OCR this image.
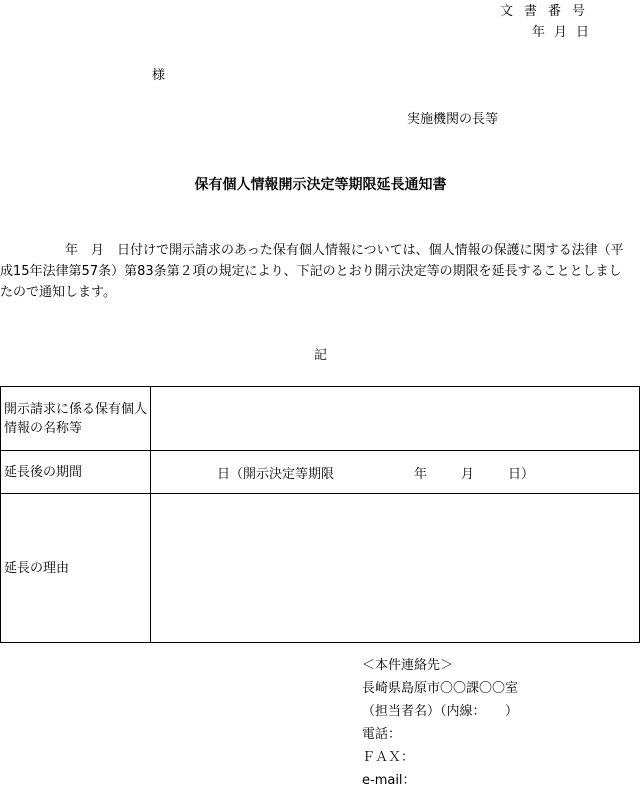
文書番号
年 月 日
様
実施機関の長等
保有個人情報開示決定等期限延長通知書
　　　　　年　月　日付けで開示請求のあった保有個人情報については、個人情報の保護に関する法律（平成15年法律第57条）第83条第２項の規定により、下記のとおり開示決定等の期限を延長することとしましたので通知します。
記
開示請求に係る保有個人情報の名称等	
延長後の期間	日（開示決定等期限 年 月 日）

延長の理由	
＜本件連絡先＞
長崎県島原市〇〇課〇〇室
（担当者名）（内線：　　）
電話：
ＦＡＸ：
e-mail：
